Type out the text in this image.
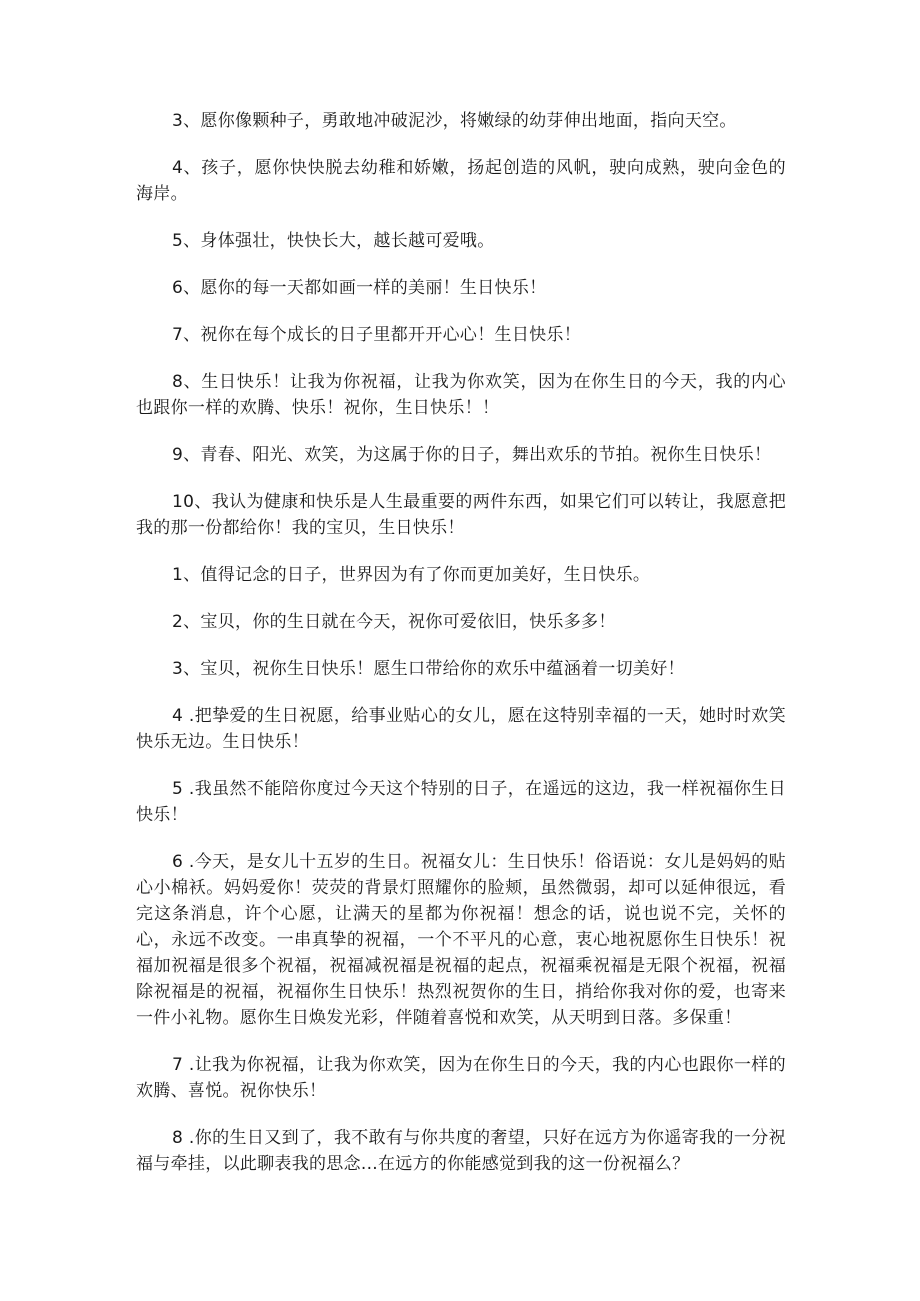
3、愿你像颗种子，勇敢地冲破泥沙，将嫩绿的幼芽伸出地面，指向天空。

4、孩子，愿你快快脱去幼稚和娇嫩，扬起创造的风帆，驶向成熟，驶向金色的海岸。

5、身体强壮，快快长大，越长越可爱哦。

6、愿你的每一天都如画一样的美丽！生日快乐！

7、祝你在每个成长的日子里都开开心心！生日快乐！

8、生日快乐！让我为你祝福，让我为你欢笑，因为在你生日的今天，我的内心也跟你一样的欢腾、快乐！祝你，生日快乐！！

9、青春、阳光、欢笑，为这属于你的日子，舞出欢乐的节拍。祝你生日快乐！

10、我认为健康和快乐是人生最重要的两件东西，如果它们可以转让，我愿意把我的那一份都给你！我的宝贝，生日快乐！

1、值得记念的日子，世界因为有了你而更加美好，生日快乐。

2、宝贝，你的生日就在今天，祝你可爱依旧，快乐多多！

3、宝贝，祝你生日快乐！愿生口带给你的欢乐中蕴涵着一切美好！

4 .把挚爱的生日祝愿，给事业贴心的女儿，愿在这特别幸福的一天，她时时欢笑快乐无边。生日快乐！

5 .我虽然不能陪你度过今天这个特别的日子，在遥远的这边，我一样祝福你生日快乐！

6 .今天，是女儿十五岁的生日。祝福女儿：生日快乐！俗语说：女儿是妈妈的贴心小棉袄。妈妈爱你！荧荧的背景灯照耀你的脸颊，虽然微弱，却可以延伸很远，看完这条消息，许个心愿，让满天的星都为你祝福！想念的话，说也说不完，关怀的心，永远不改变。一串真挚的祝福，一个不平凡的心意，衷心地祝愿你生日快乐！祝福加祝福是很多个祝福，祝福减祝福是祝福的起点，祝福乘祝福是无限个祝福，祝福除祝福是的祝福，祝福你生日快乐！热烈祝贺你的生日，捎给你我对你的爱，也寄来一件小礼物。愿你生日焕发光彩，伴随着喜悦和欢笑，从天明到日落。多保重！

7 .让我为你祝福，让我为你欢笑，因为在你生日的今天，我的内心也跟你一样的欢腾、喜悦。祝你快乐！

8 .你的生日又到了，我不敢有与你共度的奢望，只好在远方为你遥寄我的一分祝福与牵挂，以此聊表我的思念...在远方的你能感觉到我的这一份祝福么？
